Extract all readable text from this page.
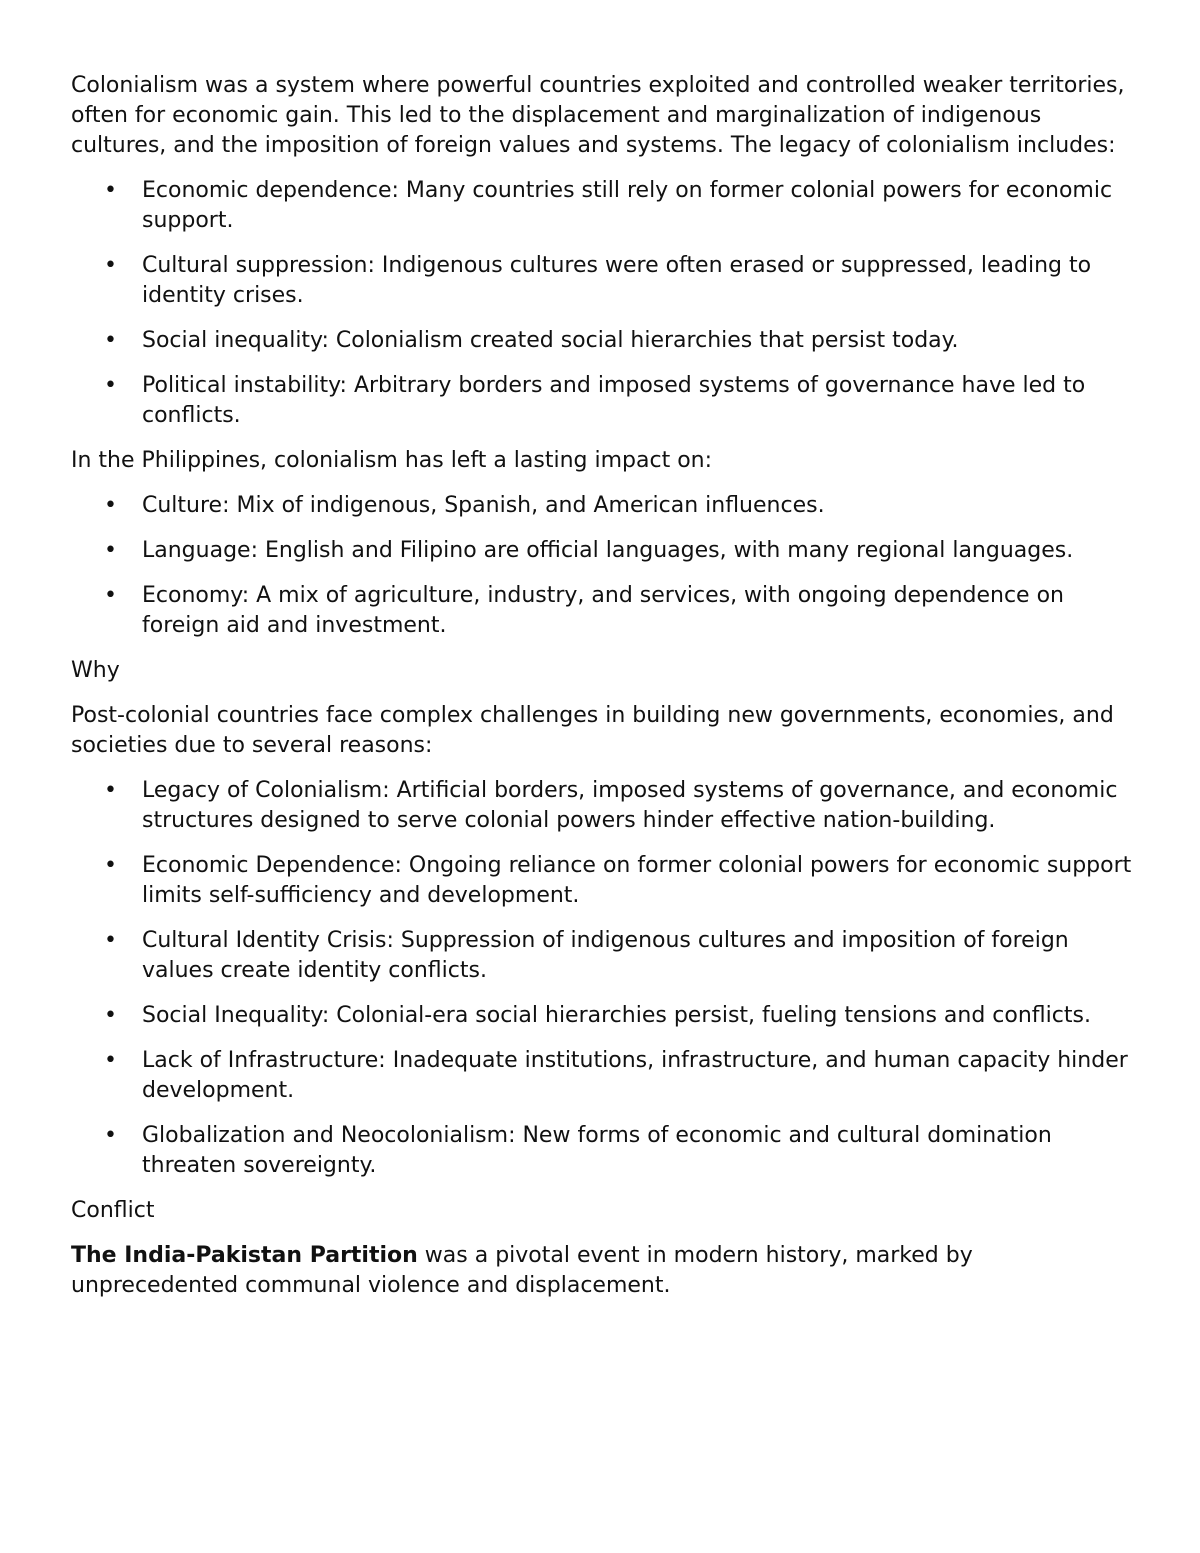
Colonialism was a system where powerful countries exploited and controlled weaker territories, often for economic gain. This led to the displacement and marginalization of indigenous cultures, and the imposition of foreign values and systems. The legacy of colonialism includes:

• Economic dependence: Many countries still rely on former colonial powers for economic support.
• Cultural suppression: Indigenous cultures were often erased or suppressed, leading to identity crises.
• Social inequality: Colonialism created social hierarchies that persist today.
• Political instability: Arbitrary borders and imposed systems of governance have led to conflicts.

In the Philippines, colonialism has left a lasting impact on:

• Culture: Mix of indigenous, Spanish, and American influences.
• Language: English and Filipino are official languages, with many regional languages.
• Economy: A mix of agriculture, industry, and services, with ongoing dependence on foreign aid and investment.

Why

Post-colonial countries face complex challenges in building new governments, economies, and societies due to several reasons:

• Legacy of Colonialism: Artificial borders, imposed systems of governance, and economic structures designed to serve colonial powers hinder effective nation-building.
• Economic Dependence: Ongoing reliance on former colonial powers for economic support limits self-sufficiency and development.
• Cultural Identity Crisis: Suppression of indigenous cultures and imposition of foreign values create identity conflicts.
• Social Inequality: Colonial-era social hierarchies persist, fueling tensions and conflicts.
• Lack of Infrastructure: Inadequate institutions, infrastructure, and human capacity hinder development.
• Globalization and Neocolonialism: New forms of economic and cultural domination threaten sovereignty.

Conflict

The India-Pakistan Partition was a pivotal event in modern history, marked by unprecedented communal violence and displacement.
